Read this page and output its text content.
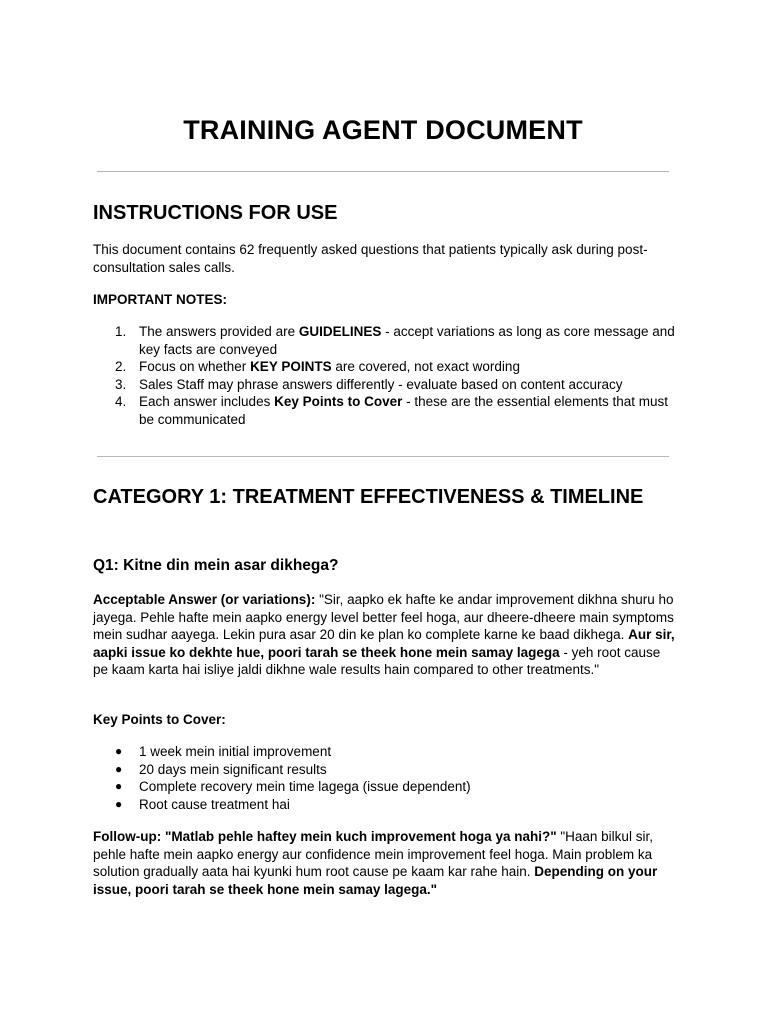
TRAINING AGENT DOCUMENT
INSTRUCTIONS FOR USE

This document contains 62 frequently asked questions that patients typically ask during post-consultation sales calls.

IMPORTANT NOTES:

1. The answers provided are GUIDELINES - accept variations as long as core message and key facts are conveyed
2. Focus on whether KEY POINTS are covered, not exact wording
3. Sales Staff may phrase answers differently - evaluate based on content accuracy
4. Each answer includes Key Points to Cover - these are the essential elements that must be communicated
CATEGORY 1: TREATMENT EFFECTIVENESS & TIMELINE
Q1: Kitne din mein asar dikhega?

Acceptable Answer (or variations): "Sir, aapko ek hafte ke andar improvement dikhna shuru ho jayega. Pehle hafte mein aapko energy level better feel hoga, aur dheere-dheere main symptoms mein sudhar aayega. Lekin pura asar 20 din ke plan ko complete karne ke baad dikhega. Aur sir, aapki issue ko dekhte hue, poori tarah se theek hone mein samay lagega - yeh root cause pe kaam karta hai isliye jaldi dikhne wale results hain compared to other treatments."

Key Points to Cover:

● 1 week mein initial improvement
● 20 days mein significant results
● Complete recovery mein time lagega (issue dependent)
● Root cause treatment hai

Follow-up: "Matlab pehle haftey mein kuch improvement hoga ya nahi?" "Haan bilkul sir, pehle hafte mein aapko energy aur confidence mein improvement feel hoga. Main problem ka solution gradually aata hai kyunki hum root cause pe kaam kar rahe hain. Depending on your issue, poori tarah se theek hone mein samay lagega."
